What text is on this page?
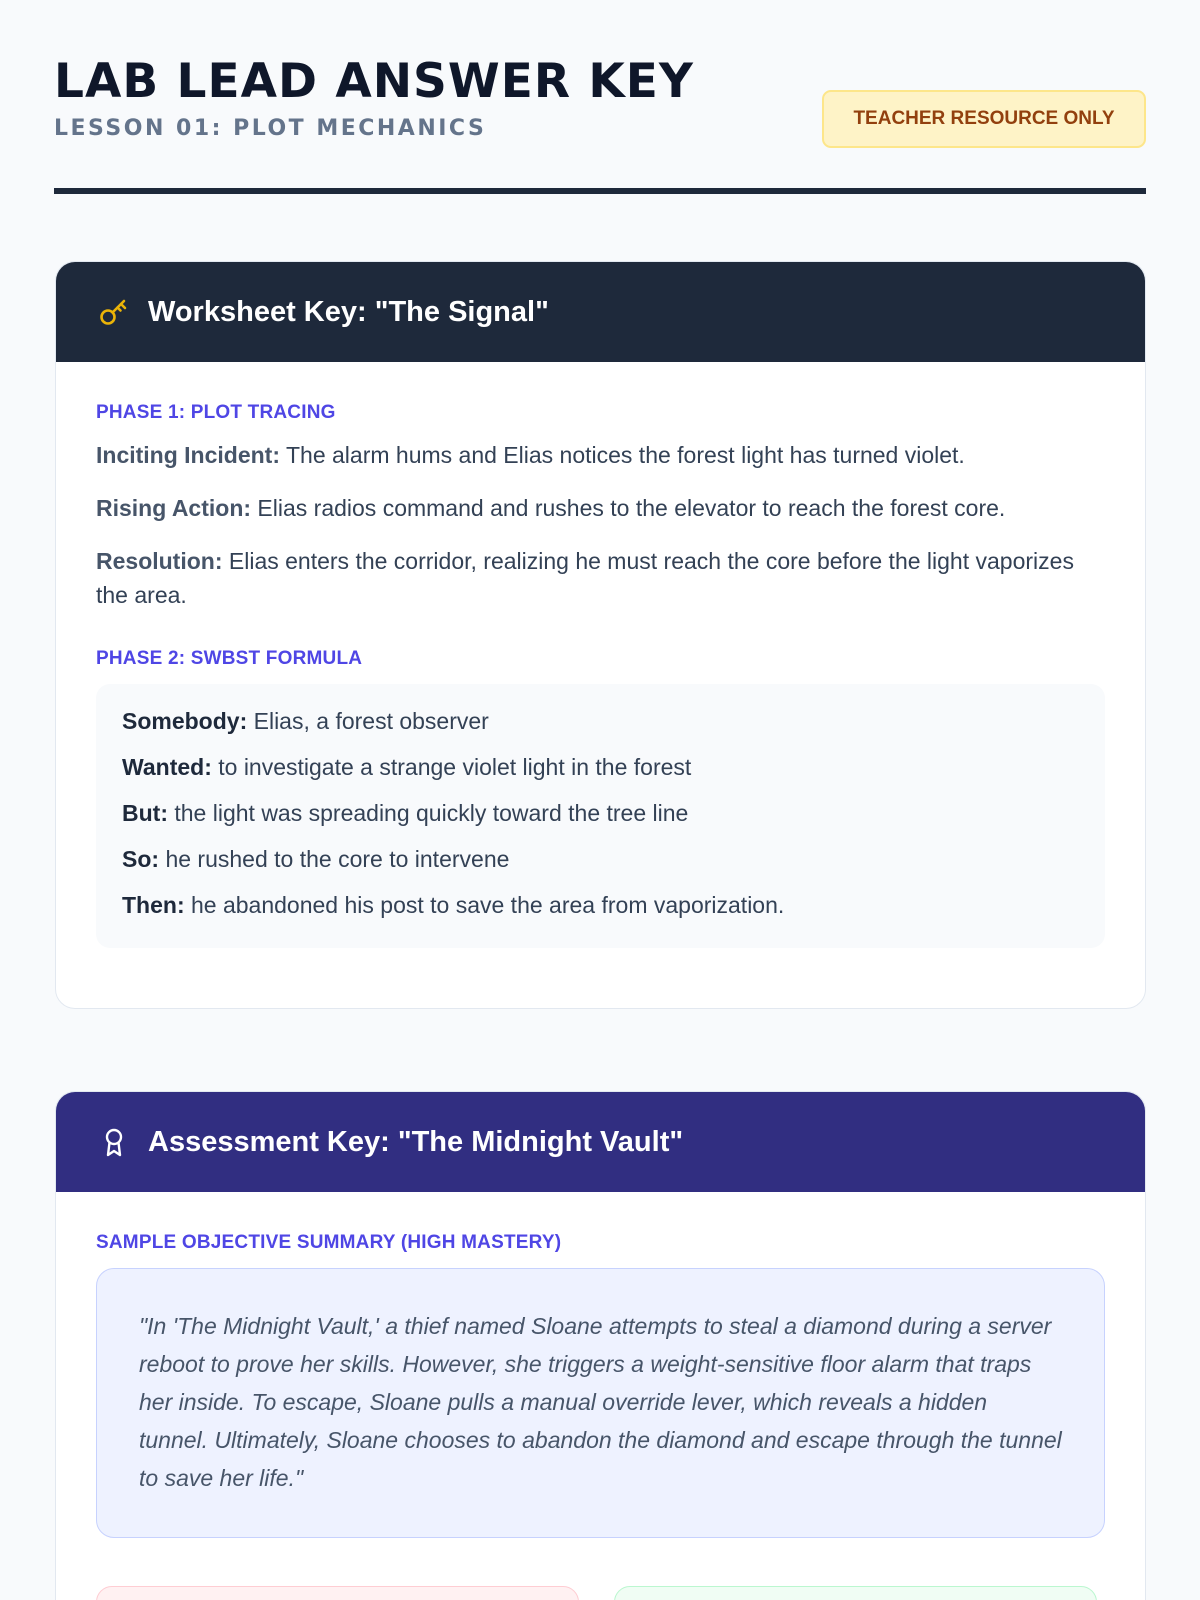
LAB LEAD ANSWER KEY
LESSON 01: PLOT MECHANICS	TEACHER RESOURCE ONLY
Worksheet Key: "The Signal"
PHASE 1: PLOT TRACING

Inciting Incident: The alarm hums and Elias notices the forest light has turned violet.

Rising Action: Elias radios command and rushes to the elevator to reach the forest core.

Resolution: Elias enters the corridor, realizing he must reach the core before the light vaporizes the area.

PHASE 2: SWBST FORMULA
Somebody: Elias, a forest observer
Wanted: to investigate a strange violet light in the forest
But: the light was spreading quickly toward the tree line
So: he rushed to the core to intervene
Then: he abandoned his post to save the area from vaporization.
Assessment Key: "The Midnight Vault"
SAMPLE OBJECTIVE SUMMARY (HIGH MASTERY)

"In 'The Midnight Vault,' a thief named Sloane attempts to steal a diamond during a server reboot to prove her skills. However, she triggers a weight-sensitive floor alarm that traps her inside. To escape, Sloane pulls a manual override lever, which reveals a hidden tunnel. Ultimately, Sloane chooses to abandon the diamond and escape through the tunnel to save her life."
